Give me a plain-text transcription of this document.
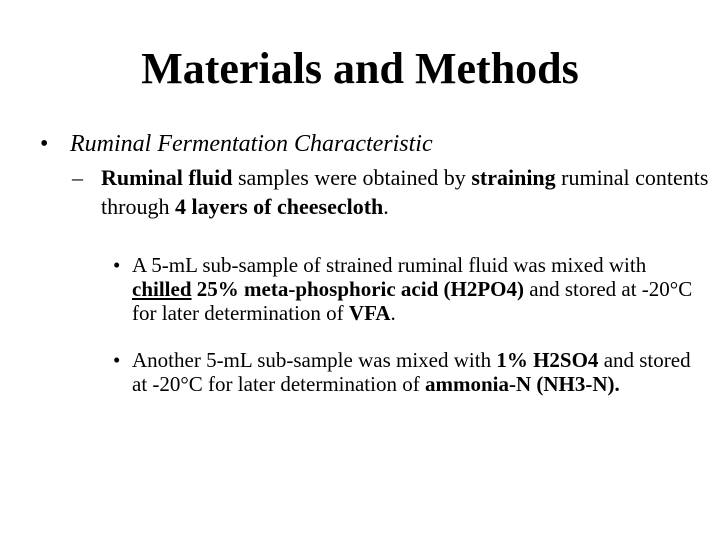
Materials and Methods
• Ruminal Fermentation Characteristic
– Ruminal fluid samples were obtained by straining ruminal contents through 4 layers of cheesecloth.
• A 5-mL sub-sample of strained ruminal fluid was mixed with chilled 25% meta-phosphoric acid (H2PO4) and stored at -20°C for later determination of VFA.
• Another 5-mL sub-sample was mixed with 1% H2SO4 and stored at -20°C for later determination of ammonia-N (NH3-N).
